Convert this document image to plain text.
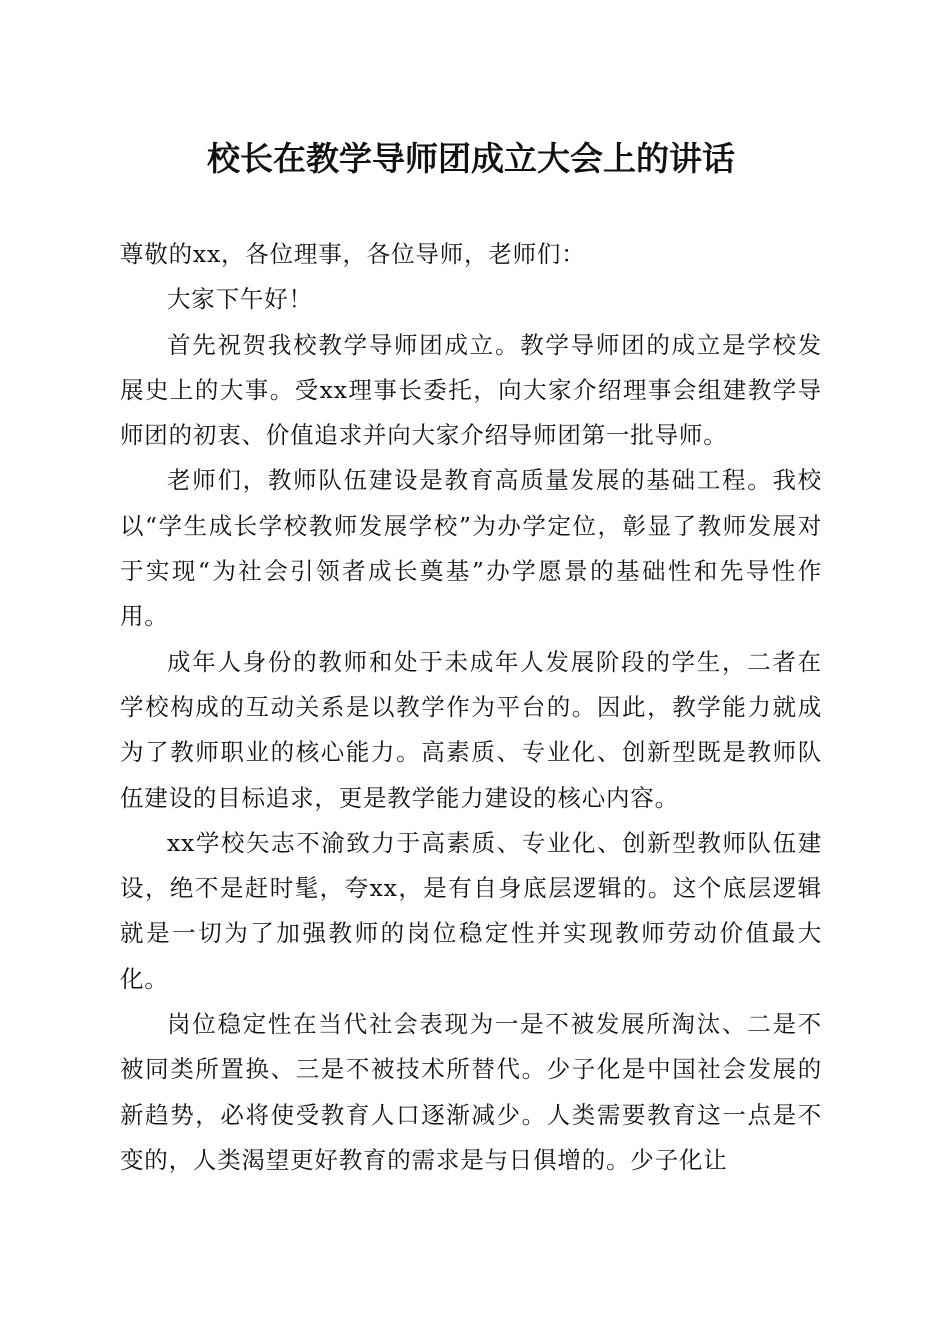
校长在教学导师团成立大会上的讲话

尊敬的xx，各位理事，各位导师，老师们：

大家下午好！

首先祝贺我校教学导师团成立。教学导师团的成立是学校发展史上的大事。受xx理事长委托，向大家介绍理事会组建教学导师团的初衷、价值追求并向大家介绍导师团第一批导师。

老师们，教师队伍建设是教育高质量发展的基础工程。我校以“学生成长学校教师发展学校”为办学定位，彰显了教师发展对于实现“为社会引领者成长奠基”办学愿景的基础性和先导性作用。

成年人身份的教师和处于未成年人发展阶段的学生，二者在学校构成的互动关系是以教学作为平台的。因此，教学能力就成为了教师职业的核心能力。高素质、专业化、创新型既是教师队伍建设的目标追求，更是教学能力建设的核心内容。

xx学校矢志不渝致力于高素质、专业化、创新型教师队伍建设，绝不是赶时髦，夸xx，是有自身底层逻辑的。这个底层逻辑就是一切为了加强教师的岗位稳定性并实现教师劳动价值最大化。

岗位稳定性在当代社会表现为一是不被发展所淘汰、二是不被同类所置换、三是不被技术所替代。少子化是中国社会发展的新趋势，必将使受教育人口逐渐减少。人类需要教育这一点是不变的，人类渴望更好教育的需求是与日俱增的。少子化让
